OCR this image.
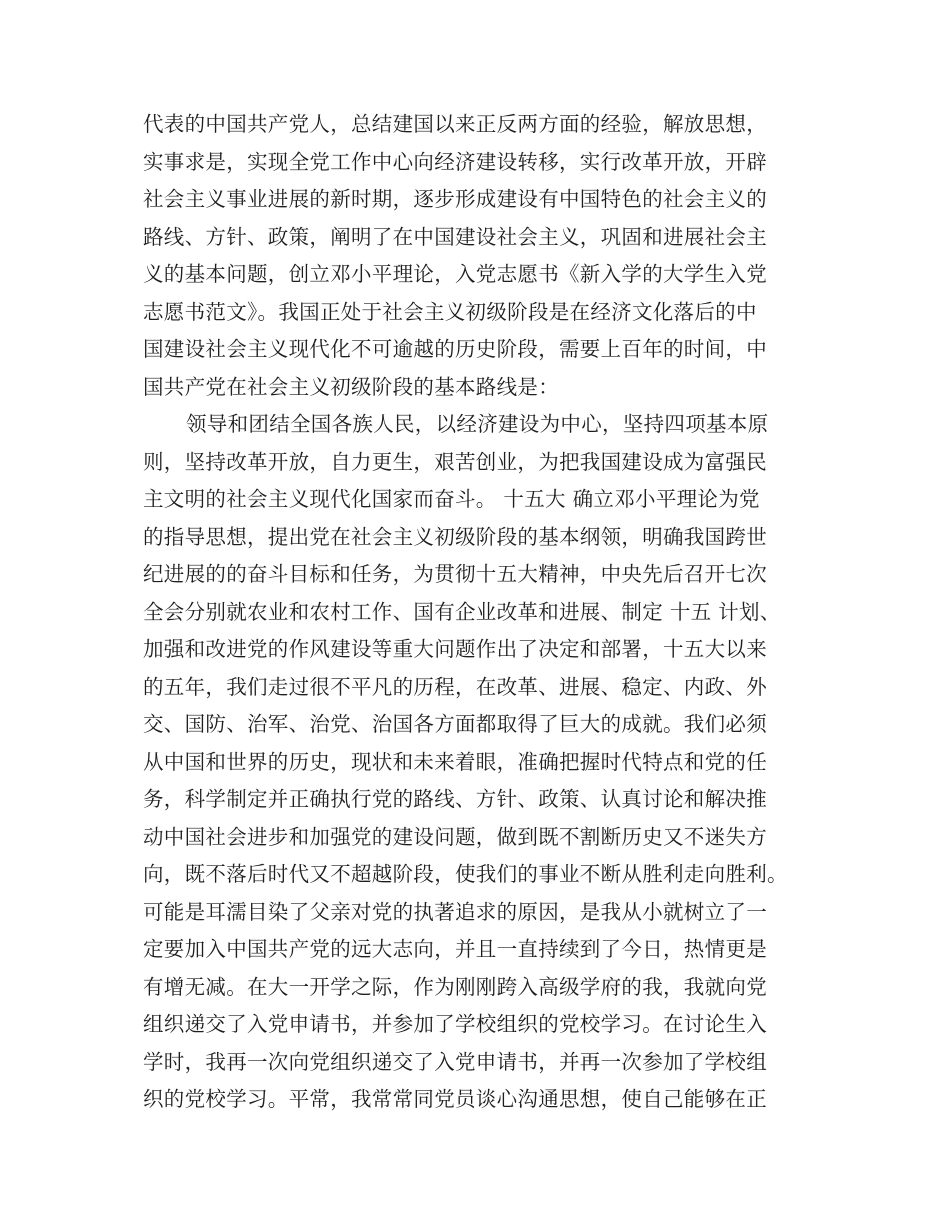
代表的中国共产党人，总结建国以来正反两方面的经验，解放思想，
实事求是，实现全党工作中心向经济建设转移，实行改革开放，开辟
社会主义事业进展的新时期，逐步形成建设有中国特色的社会主义的
路线、方针、政策，阐明了在中国建设社会主义，巩固和进展社会主
义的基本问题，创立邓小平理论，入党志愿书《新入学的大学生入党
志愿书范文》。我国正处于社会主义初级阶段是在经济文化落后的中
国建设社会主义现代化不可逾越的历史阶段，需要上百年的时间，中
国共产党在社会主义初级阶段的基本路线是：
领导和团结全国各族人民，以经济建设为中心，坚持四项基本原
则，坚持改革开放，自力更生，艰苦创业，为把我国建设成为富强民
主文明的社会主义现代化国家而奋斗。 十五大 确立邓小平理论为党
的指导思想，提出党在社会主义初级阶段的基本纲领，明确我国跨世
纪进展的的奋斗目标和任务，为贯彻十五大精神，中央先后召开七次
全会分别就农业和农村工作、国有企业改革和进展、制定 十五 计划、
加强和改进党的作风建设等重大问题作出了决定和部署，十五大以来
的五年，我们走过很不平凡的历程，在改革、进展、稳定、内政、外
交、国防、治军、治党、治国各方面都取得了巨大的成就。我们必须
从中国和世界的历史，现状和未来着眼，准确把握时代特点和党的任
务，科学制定并正确执行党的路线、方针、政策、认真讨论和解决推
动中国社会进步和加强党的建设问题，做到既不割断历史又不迷失方
向，既不落后时代又不超越阶段，使我们的事业不断从胜利走向胜利。
可能是耳濡目染了父亲对党的执著追求的原因，是我从小就树立了一
定要加入中国共产党的远大志向，并且一直持续到了今日，热情更是
有增无减。在大一开学之际，作为刚刚跨入高级学府的我，我就向党
组织递交了入党申请书，并参加了学校组织的党校学习。在讨论生入
学时，我再一次向党组织递交了入党申请书，并再一次参加了学校组
织的党校学习。平常，我常常同党员谈心沟通思想，使自己能够在正
